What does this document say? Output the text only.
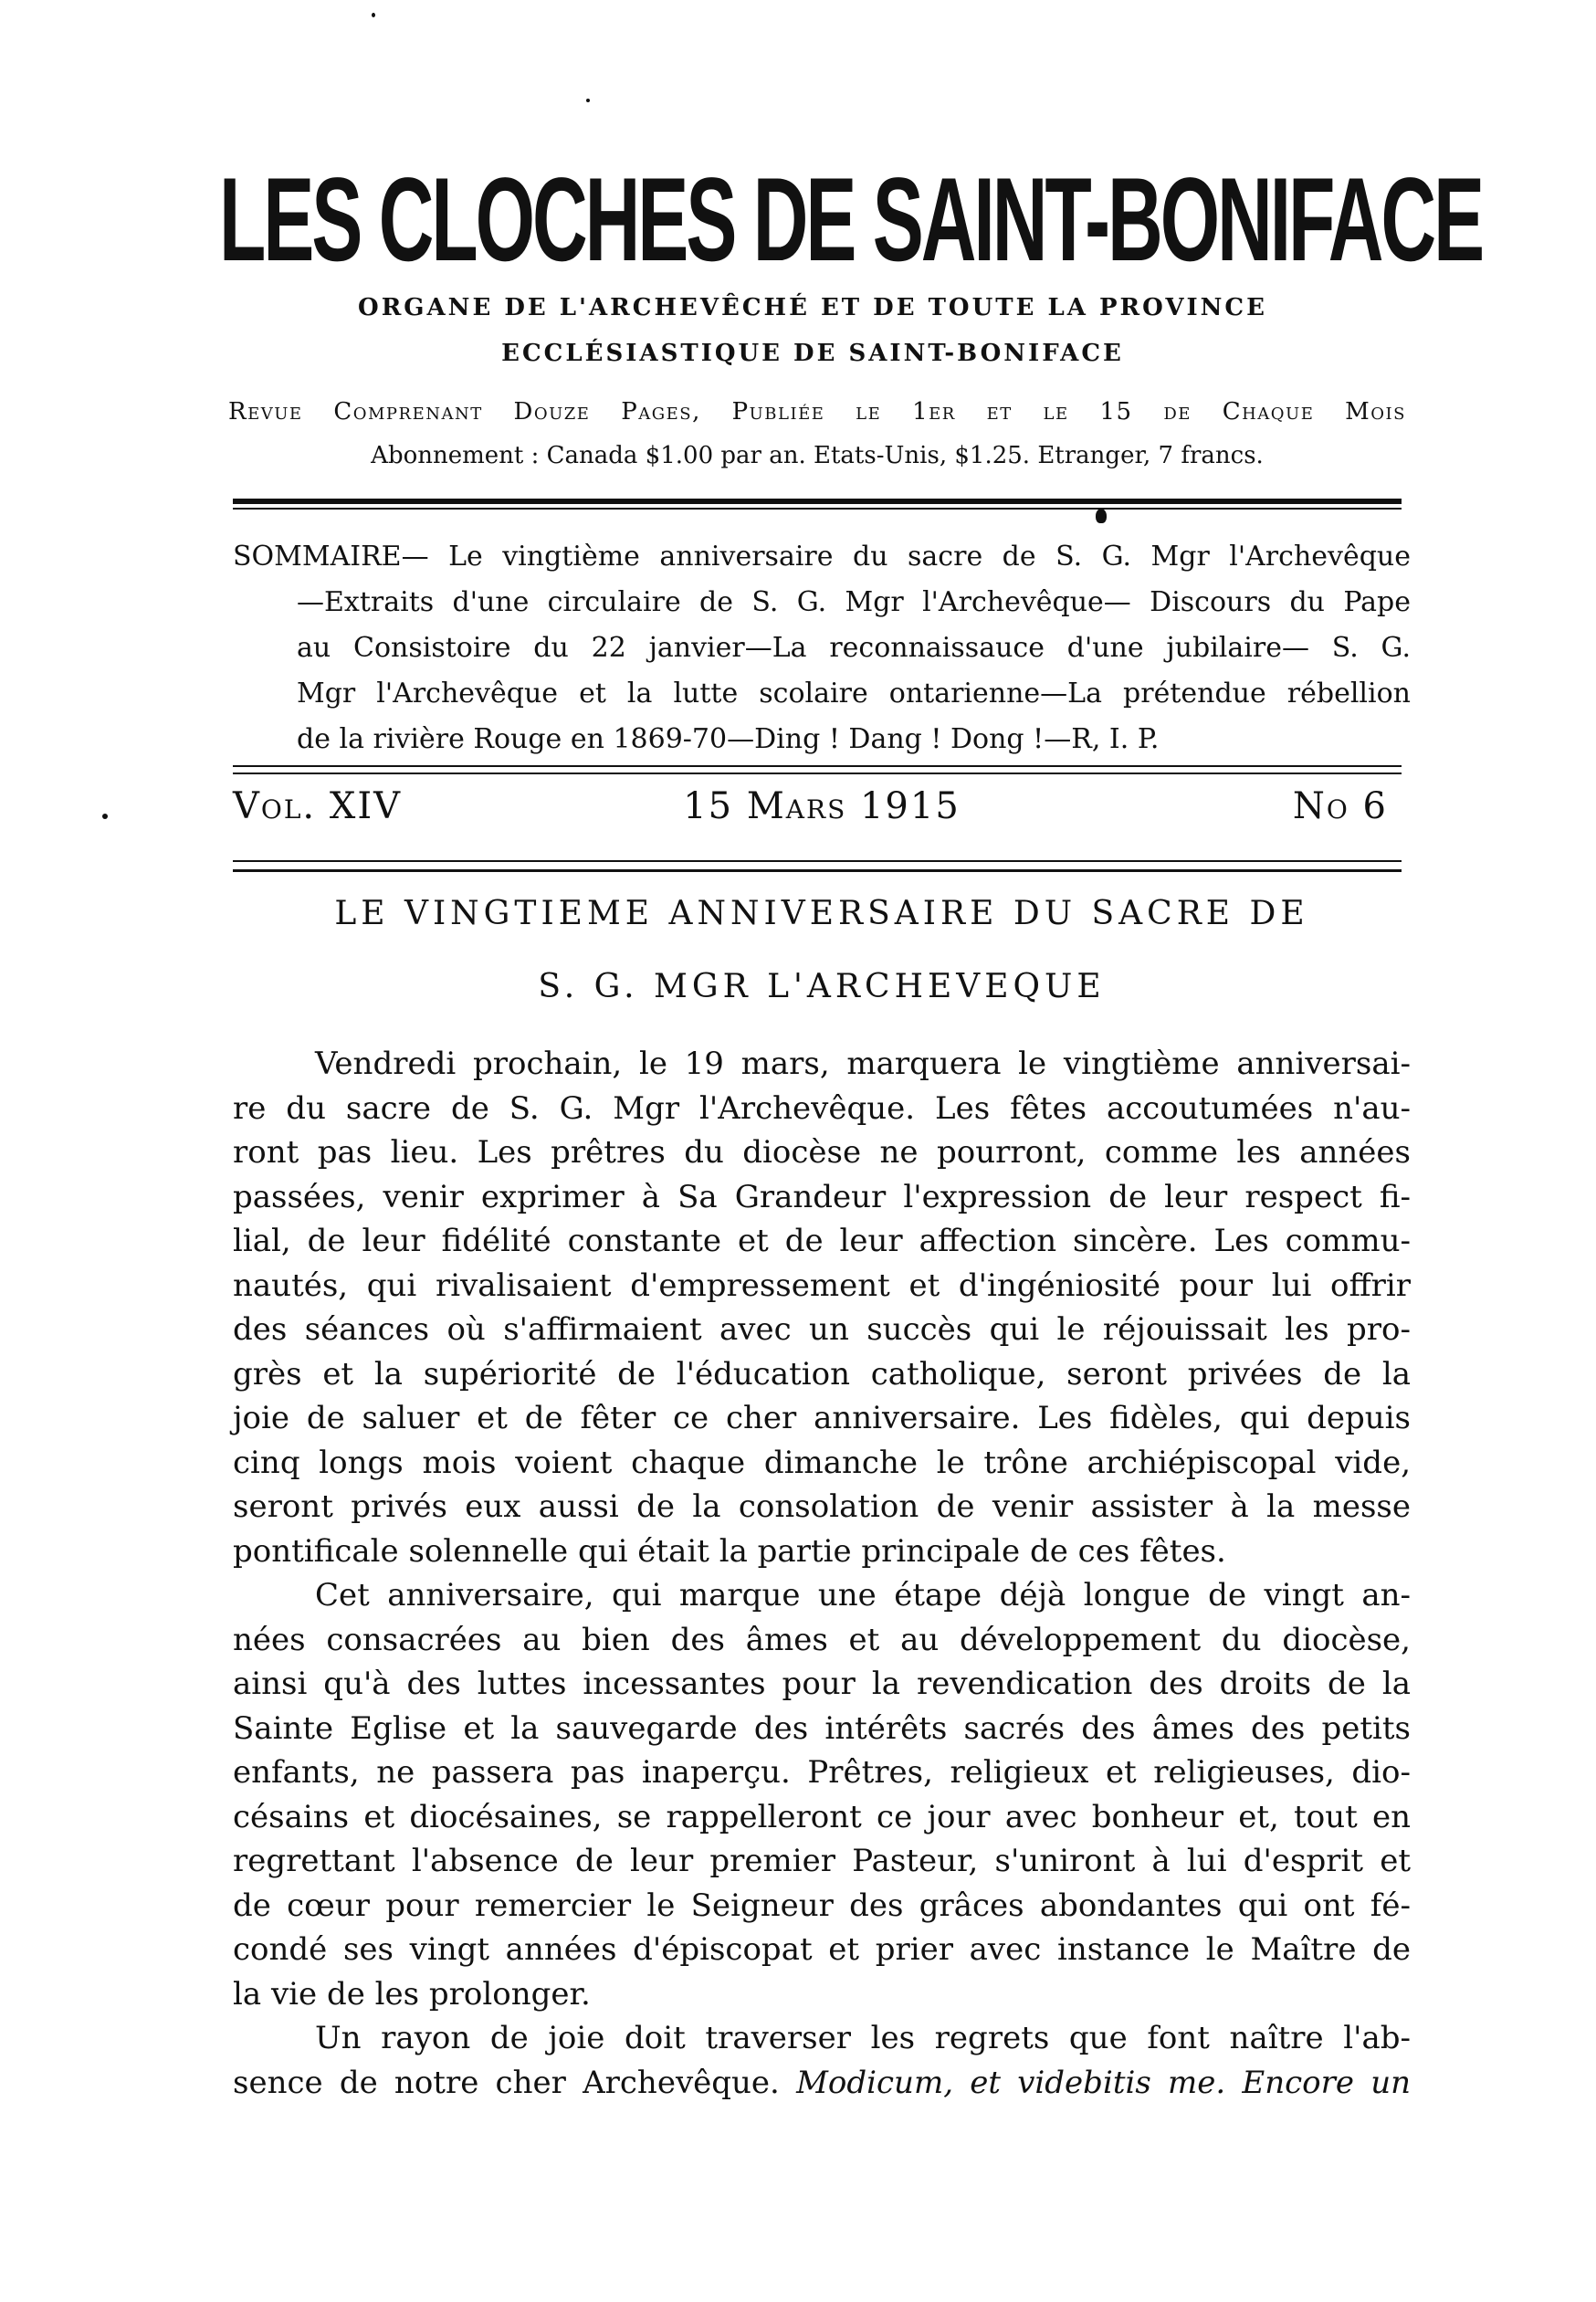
LES CLOCHES DE SAINT-BONIFACE
ORGANE DE L'ARCHEVÊCHÉ ET DE TOUTE LA PROVINCE
ECCLÉSIASTIQUE DE SAINT-BONIFACE
Revue Comprenant Douze Pages, Publiée le 1er et le 15 de Chaque Mois
Abonnement : Canada $1.00 par an. Etats-Unis, $1.25. Etranger, 7 francs.
SOMMAIRE— Le vingtième anniversaire du sacre de S. G. Mgr l'Archevêque
—Extraits d'une circulaire de S. G. Mgr l'Archevêque— Discours du Pape
au Consistoire du 22 janvier—La reconnaissauce d'une jubilaire— S. G.
Mgr l'Archevêque et la lutte scolaire ontarienne—La prétendue rébellion
de la rivière Rouge en 1869-70—Ding ! Dang ! Dong !—R, I. P.
Vol. XIV	15 Mars 1915	No 6
LE VINGTIEME ANNIVERSAIRE DU SACRE DE
S. G. MGR L'ARCHEVEQUE
Vendredi prochain, le 19 mars, marquera le vingtième anniversai-
re du sacre de S. G. Mgr l'Archevêque. Les fêtes accoutumées n'au-
ront pas lieu. Les prêtres du diocèse ne pourront, comme les années
passées, venir exprimer à Sa Grandeur l'expression de leur respect fi-
lial, de leur fidélité constante et de leur affection sincère. Les commu-
nautés, qui rivalisaient d'empressement et d'ingéniosité pour lui offrir
des séances où s'affirmaient avec un succès qui le réjouissait les pro-
grès et la supériorité de l'éducation catholique, seront privées de la
joie de saluer et de fêter ce cher anniversaire. Les fidèles, qui depuis
cinq longs mois voient chaque dimanche le trône archiépiscopal vide,
seront privés eux aussi de la consolation de venir assister à la messe
pontificale solennelle qui était la partie principale de ces fêtes.
Cet anniversaire, qui marque une étape déjà longue de vingt an-
nées consacrées au bien des âmes et au développement du diocèse,
ainsi qu'à des luttes incessantes pour la revendication des droits de la
Sainte Eglise et la sauvegarde des intérêts sacrés des âmes des petits
enfants, ne passera pas inaperçu. Prêtres, religieux et religieuses, dio-
césains et diocésaines, se rappelleront ce jour avec bonheur et, tout en
regrettant l'absence de leur premier Pasteur, s'uniront à lui d'esprit et
de cœur pour remercier le Seigneur des grâces abondantes qui ont fé-
condé ses vingt années d'épiscopat et prier avec instance le Maître de
la vie de les prolonger.
Un rayon de joie doit traverser les regrets que font naître l'ab-
sence de notre cher Archevêque. Modicum, et videbitis me. Encore un
